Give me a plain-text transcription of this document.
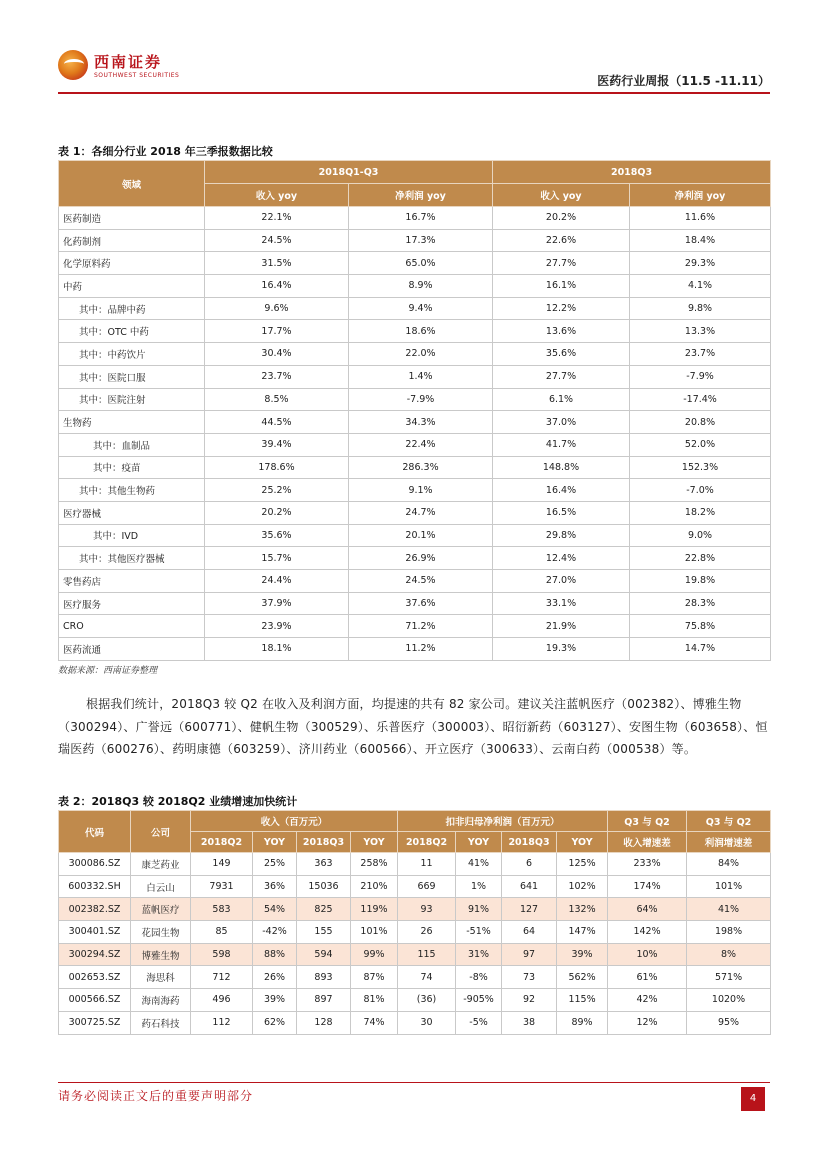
西南证券
SOUTHWEST SECURITIES	医药行业周报（11.5 -11.11）
表 1：各细分行业 2018 年三季报数据比较
领域	2018Q1-Q3		2018Q3	
	收入 yoy	净利润 yoy	收入 yoy	净利润 yoy
医药制造	22.1%	16.7%	20.2%	11.6%
化药制剂	24.5%	17.3%	22.6%	18.4%
化学原料药	31.5%	65.0%	27.7%	29.3%
中药	16.4%	8.9%	16.1%	4.1%
其中：品牌中药	9.6%	9.4%	12.2%	9.8%
其中：OTC 中药	17.7%	18.6%	13.6%	13.3%
其中：中药饮片	30.4%	22.0%	35.6%	23.7%
其中：医院口服	23.7%	1.4%	27.7%	-7.9%
其中：医院注射	8.5%	-7.9%	6.1%	-17.4%
生物药	44.5%	34.3%	37.0%	20.8%
其中：血制品	39.4%	22.4%	41.7%	52.0%
其中：疫苗	178.6%	286.3%	148.8%	152.3%
其中：其他生物药	25.2%	9.1%	16.4%	-7.0%
医疗器械	20.2%	24.7%	16.5%	18.2%
其中：IVD	35.6%	20.1%	29.8%	9.0%
其中：其他医疗器械	15.7%	26.9%	12.4%	22.8%
零售药店	24.4%	24.5%	27.0%	19.8%
医疗服务	37.9%	37.6%	33.1%	28.3%
CRO	23.9%	71.2%	21.9%	75.8%
医药流通	18.1%	11.2%	19.3%	14.7%
数据来源：西南证券整理
根据我们统计，2018Q3 较 Q2 在收入及利润方面，均提速的共有 82 家公司。建议关注蓝帆医疗（002382）、博雅生物（300294）、广誉远（600771）、健帆生物（300529）、乐普医疗（300003）、昭衍新药（603127）、安图生物（603658）、恒瑞医药（600276）、药明康德（603259）、济川药业（600566）、开立医疗（300633）、云南白药（000538）等。
表 2：2018Q3 较 2018Q2 业绩增速加快统计
代码	公司	收入（百万元）				扣非归母净利润（百万元）				Q3 与 Q2	Q3 与 Q2
		2018Q2	YOY	2018Q3	YOY	2018Q2	YOY	2018Q3	YOY	收入增速差	利润增速差
300086.SZ	康芝药业	149	25%	363	258%	11	41%	6	125%	233%	84%
600332.SH	白云山	7931	36%	15036	210%	669	1%	641	102%	174%	101%
002382.SZ	蓝帆医疗	583	54%	825	119%	93	91%	127	132%	64%	41%
300401.SZ	花园生物	85	-42%	155	101%	26	-51%	64	147%	142%	198%
300294.SZ	博雅生物	598	88%	594	99%	115	31%	97	39%	10%	8%
002653.SZ	海思科	712	26%	893	87%	74	-8%	73	562%	61%	571%
000566.SZ	海南海药	496	39%	897	81%	(36)	-905%	92	115%	42%	1020%
300725.SZ	药石科技	112	62%	128	74%	30	-5%	38	89%	12%	95%
请务必阅读正文后的重要声明部分	4
